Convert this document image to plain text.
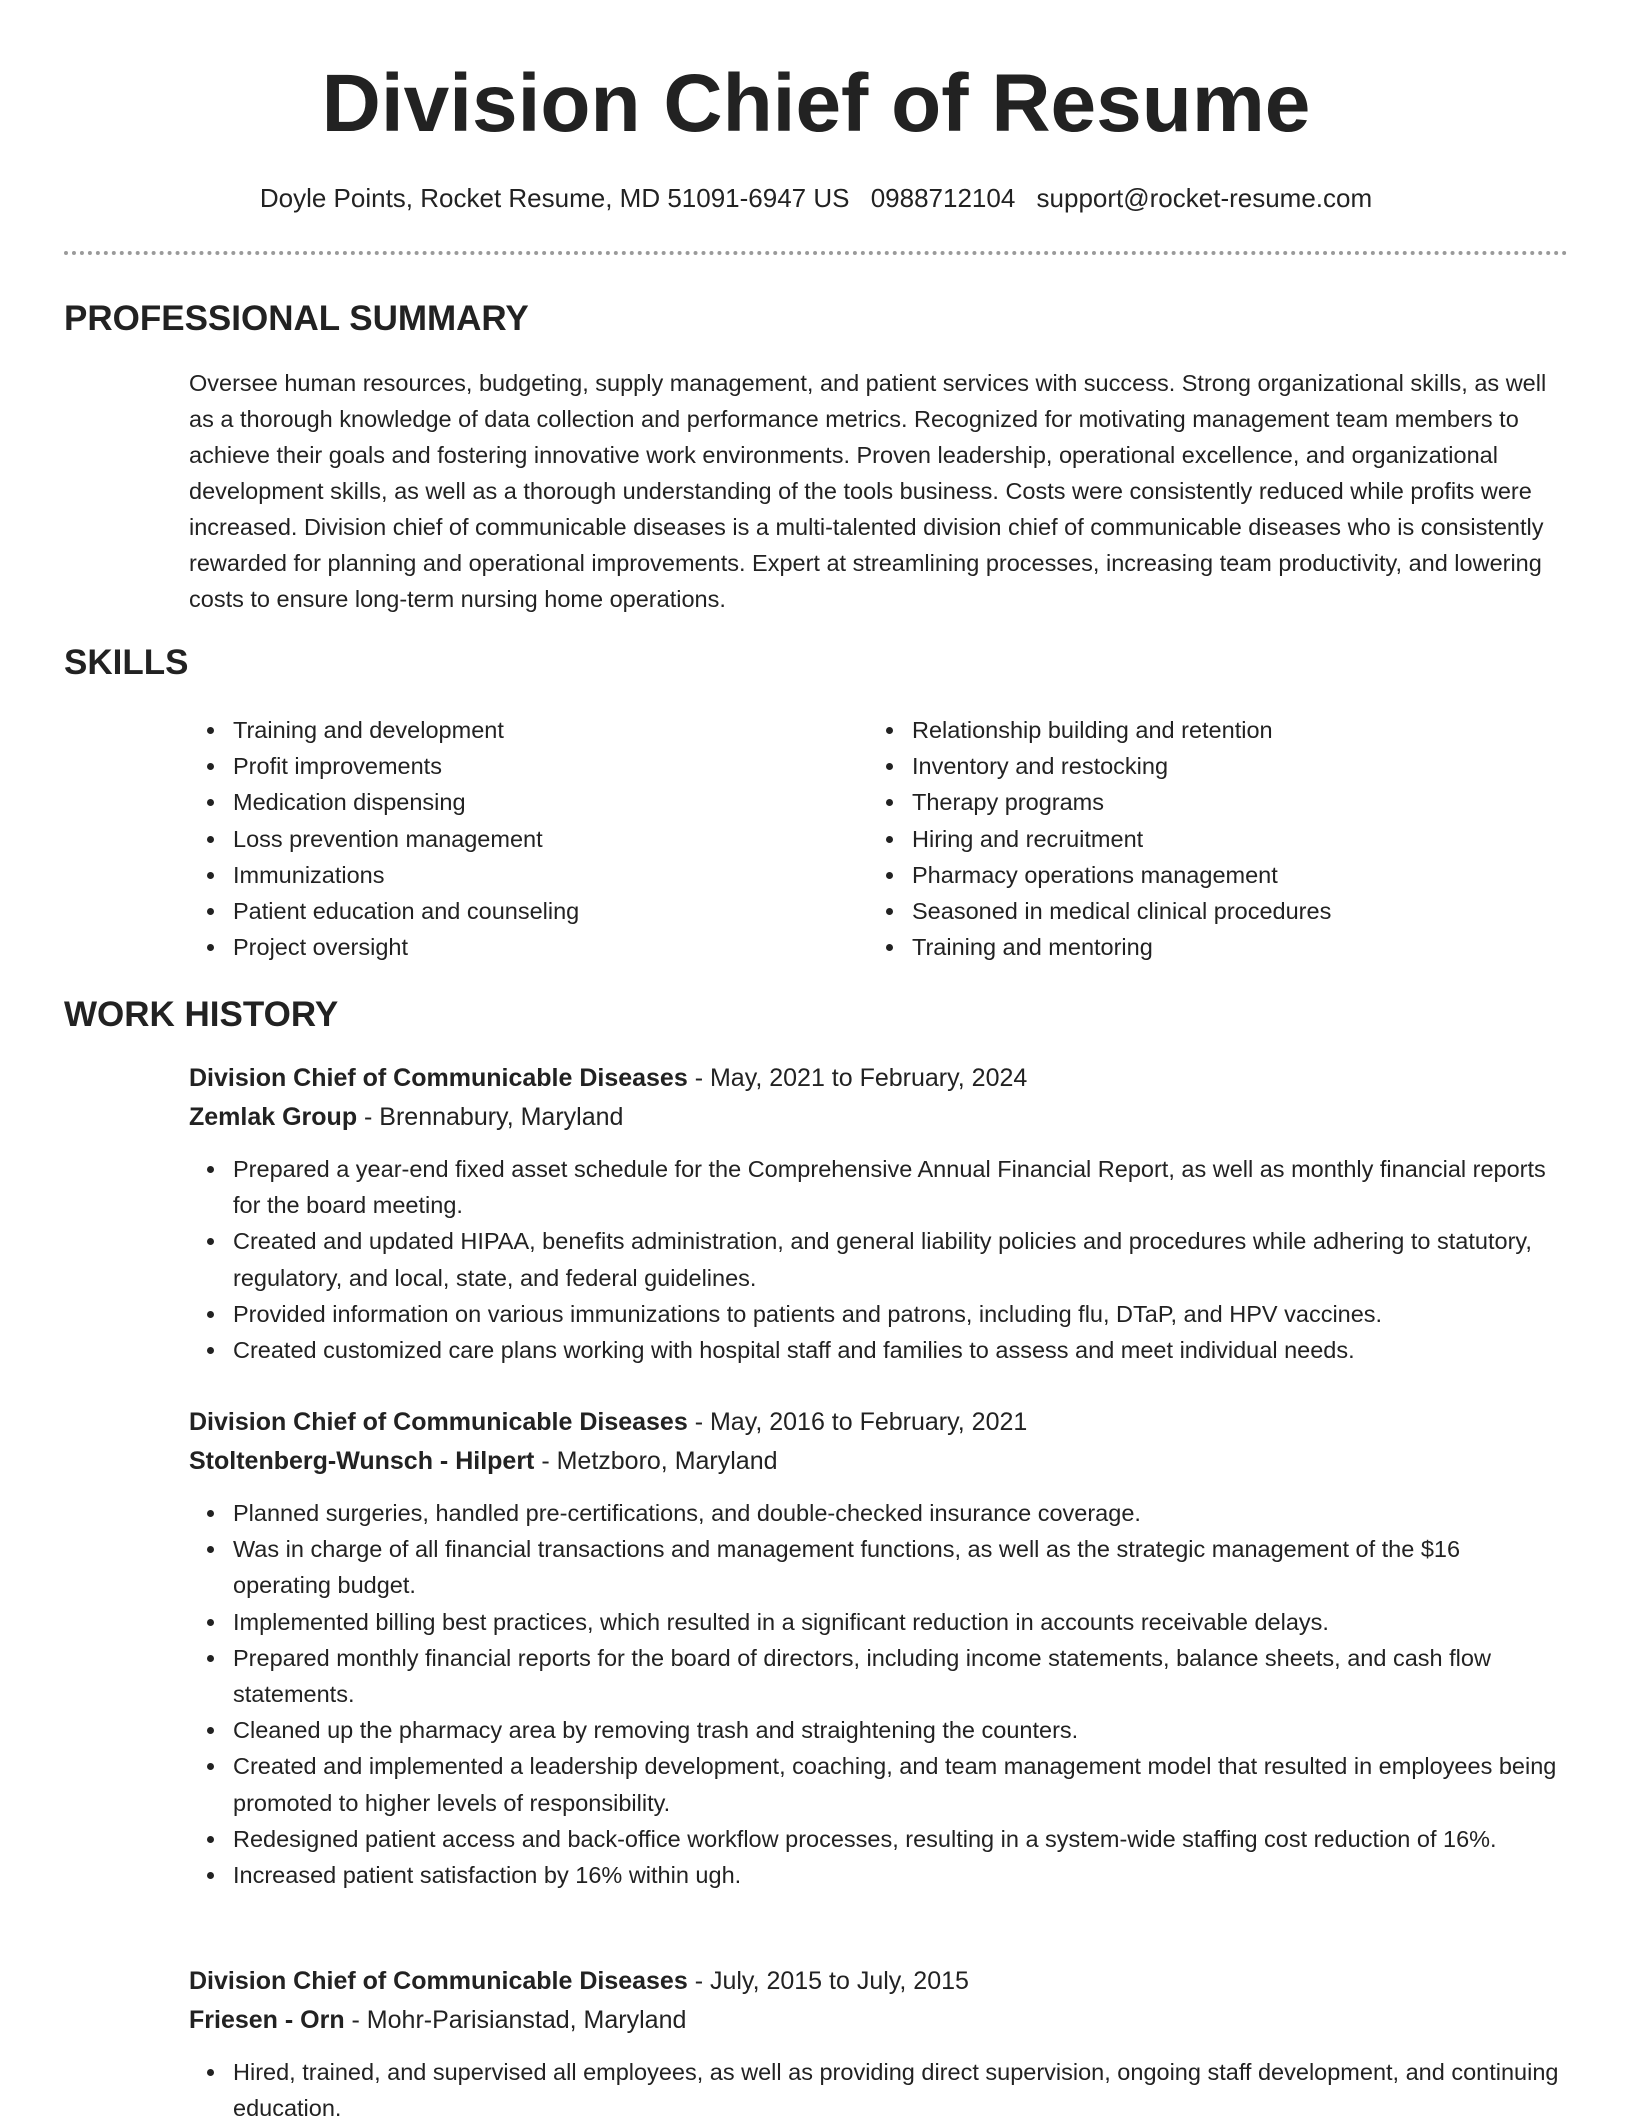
Division Chief of Resume
Doyle Points, Rocket Resume, MD 51091-6947 US 0988712104 support@rocket-resume.com
PROFESSIONAL SUMMARY

Oversee human resources, budgeting, supply management, and patient services with success. Strong organizational skills, as well as a thorough knowledge of data collection and performance metrics. Recognized for motivating management team members to achieve their goals and fostering innovative work environments. Proven leadership, operational excellence, and organizational development skills, as well as a thorough understanding of the tools business. Costs were consistently reduced while profits were increased. Division chief of communicable diseases is a multi-talented division chief of communicable diseases who is consistently rewarded for planning and operational improvements. Expert at streamlining processes, increasing team productivity, and lowering costs to ensure long-term nursing home operations.

SKILLS
Training and development
Profit improvements
Medication dispensing
Loss prevention management
Immunizations
Patient education and counseling
Project oversight
Relationship building and retention
Inventory and restocking
Therapy programs
Hiring and recruitment
Pharmacy operations management
Seasoned in medical clinical procedures
Training and mentoring
WORK HISTORY

Division Chief of Communicable Diseases - May, 2021 to February, 2024

Zemlak Group - Brennabury, Maryland

Prepared a year-end fixed asset schedule for the Comprehensive Annual Financial Report, as well as monthly financial reports for the board meeting.
Created and updated HIPAA, benefits administration, and general liability policies and procedures while adhering to statutory, regulatory, and local, state, and federal guidelines.
Provided information on various immunizations to patients and patrons, including flu, DTaP, and HPV vaccines.
Created customized care plans working with hospital staff and families to assess and meet individual needs.

Division Chief of Communicable Diseases - May, 2016 to February, 2021

Stoltenberg-Wunsch - Hilpert - Metzboro, Maryland

Planned surgeries, handled pre-certifications, and double-checked insurance coverage.
Was in charge of all financial transactions and management functions, as well as the strategic management of the $16 operating budget.
Implemented billing best practices, which resulted in a significant reduction in accounts receivable delays.
Prepared monthly financial reports for the board of directors, including income statements, balance sheets, and cash flow statements.
Cleaned up the pharmacy area by removing trash and straightening the counters.
Created and implemented a leadership development, coaching, and team management model that resulted in employees being promoted to higher levels of responsibility.
Redesigned patient access and back-office workflow processes, resulting in a system-wide staffing cost reduction of 16%.
Increased patient satisfaction by 16% within ugh.

Division Chief of Communicable Diseases - July, 2015 to July, 2015

Friesen - Orn - Mohr-Parisianstad, Maryland

Hired, trained, and supervised all employees, as well as providing direct supervision, ongoing staff development, and continuing education.
